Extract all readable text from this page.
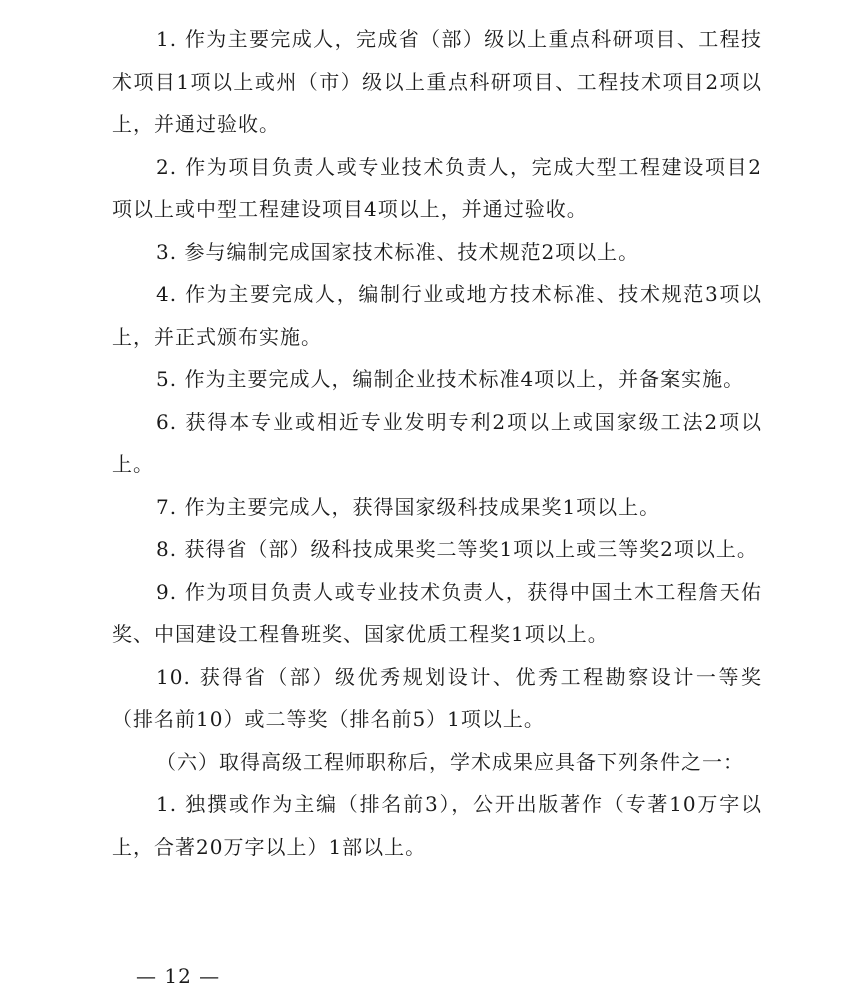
1. 作为主要完成人，完成省（部）级以上重点科研项目、工程技术项目1项以上或州（市）级以上重点科研项目、工程技术项目2项以上，并通过验收。

2. 作为项目负责人或专业技术负责人，完成大型工程建设项目2项以上或中型工程建设项目4项以上，并通过验收。

3. 参与编制完成国家技术标准、技术规范2项以上。

4. 作为主要完成人，编制行业或地方技术标准、技术规范3项以上，并正式颁布实施。

5. 作为主要完成人，编制企业技术标准4项以上，并备案实施。

6. 获得本专业或相近专业发明专利2项以上或国家级工法2项以上。

7. 作为主要完成人，获得国家级科技成果奖1项以上。

8. 获得省（部）级科技成果奖二等奖1项以上或三等奖2项以上。

9. 作为项目负责人或专业技术负责人，获得中国土木工程詹天佑奖、中国建设工程鲁班奖、国家优质工程奖1项以上。

10. 获得省（部）级优秀规划设计、优秀工程勘察设计一等奖（排名前10）或二等奖（排名前5）1项以上。

（六）取得高级工程师职称后，学术成果应具备下列条件之一：

1. 独撰或作为主编（排名前3），公开出版著作（专著10万字以上，合著20万字以上）1部以上。

— 12 —
